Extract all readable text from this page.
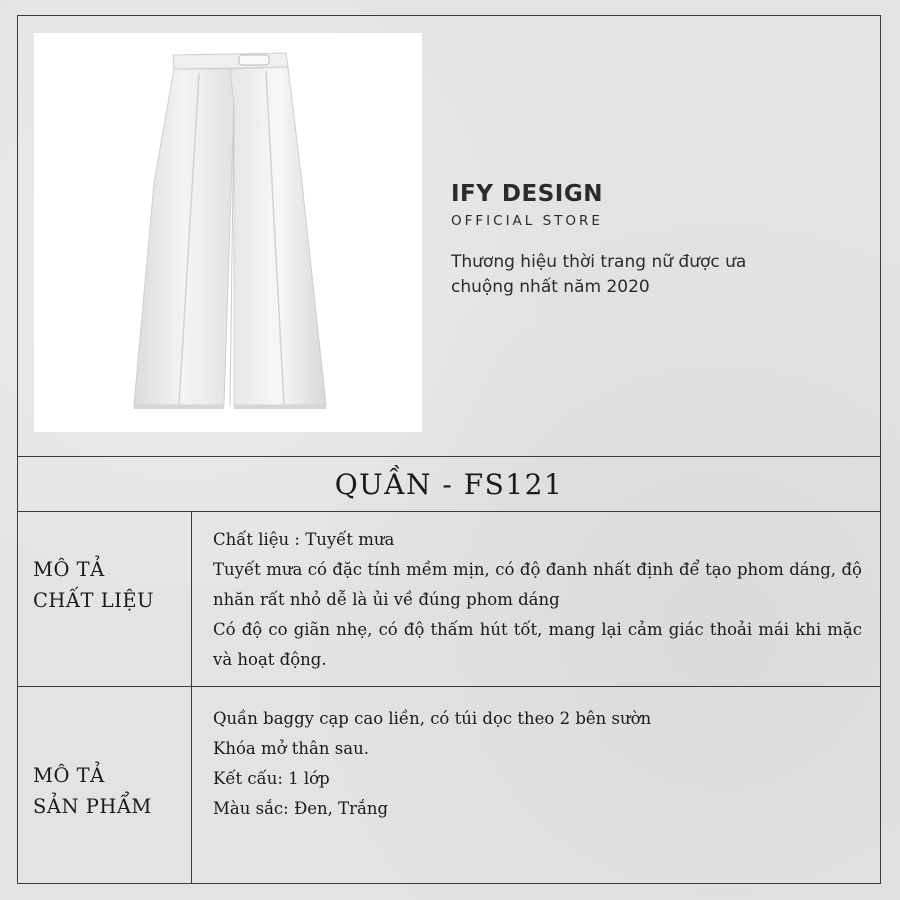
IFY DESIGN

OFFICIAL STORE

Thương hiệu thời trang nữ được ưa chuộng nhất năm 2020

QUẦN - FS121
MÔ TẢ
CHẤT LIỆU

Chất liệu : Tuyết mưa

Tuyết mưa có đặc tính mềm mịn, có độ đanh nhất định để tạo phom dáng, độ nhăn rất nhỏ dễ là ủi về đúng phom dáng

Có độ co giãn nhẹ, có độ thấm hút tốt, mang lại cảm giác thoải mái khi mặc và hoạt động.

MÔ TẢ
SẢN PHẨM

Quần baggy cạp cao liền, có túi dọc theo 2 bên sườn

Khóa mở thân sau.

Kết cấu: 1 lớp

Màu sắc: Đen, Trắng
